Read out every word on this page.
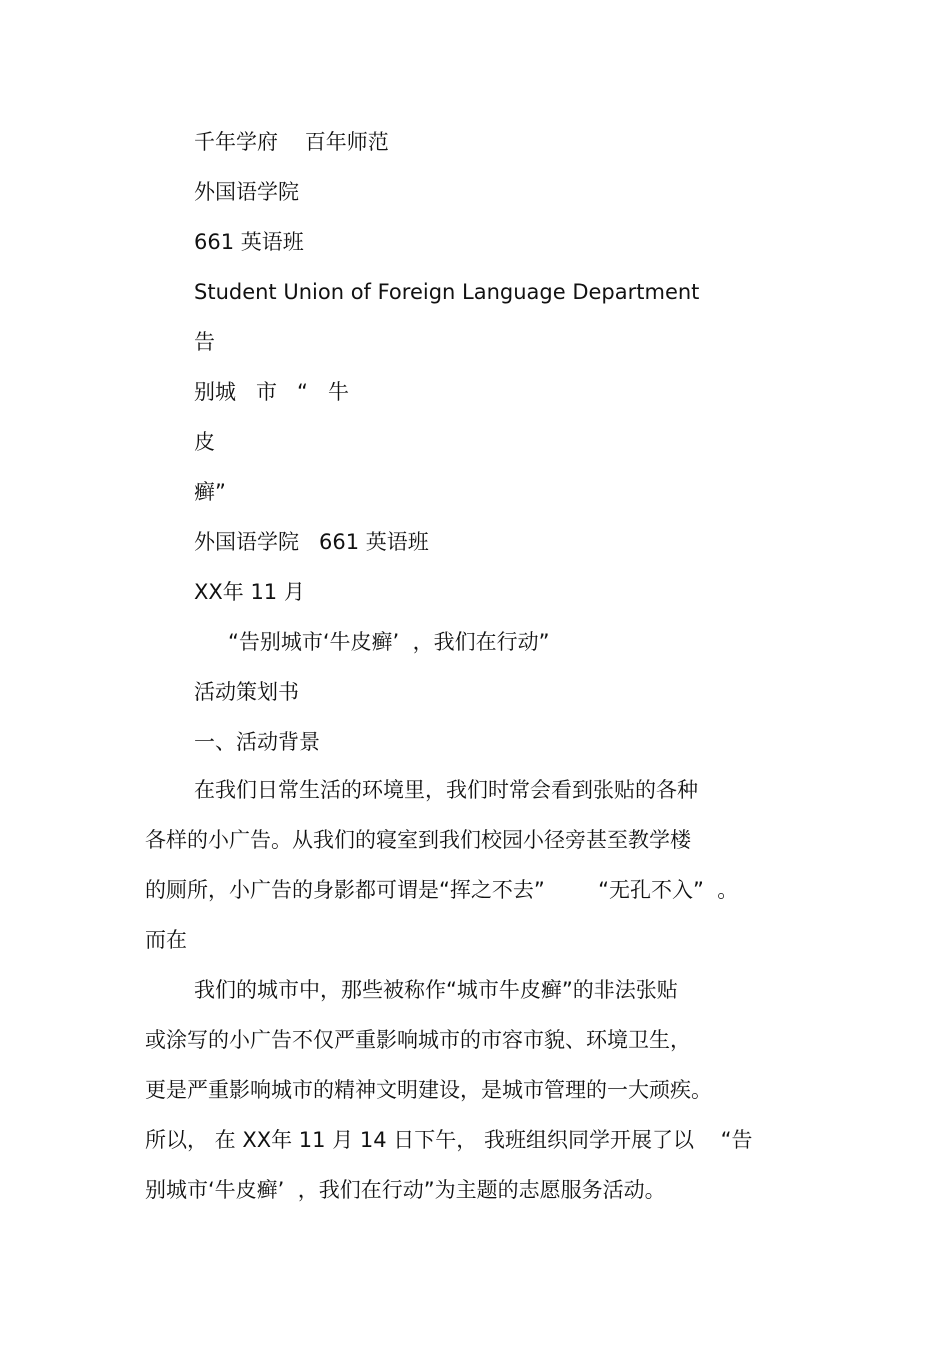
千年学府    百年师范

外国语学院

661 英语班

Student Union of Foreign Language Department

告

别城   市   “   牛

皮

癣”

外国语学院   661 英语班

XX年 11 月

“告别城市‘牛皮癣’  ，我们在行动”

活动策划书

一、活动背景

在我们日常生活的环境里，我们时常会看到张贴的各种

各样的小广告。从我们的寝室到我们校园小径旁甚至教学楼

的厕所，小广告的身影都可谓是“挥之不去”        “无孔不入”  。

而在

我们的城市中，那些被称作“城市牛皮癣”的非法张贴

或涂写的小广告不仅严重影响城市的市容市貌、环境卫生，

更是严重影响城市的精神文明建设，是城市管理的一大顽疾。

所以， 在 XX年 11 月 14 日下午， 我班组织同学开展了以    “告

别城市‘牛皮癣’  ，我们在行动”为主题的志愿服务活动。
